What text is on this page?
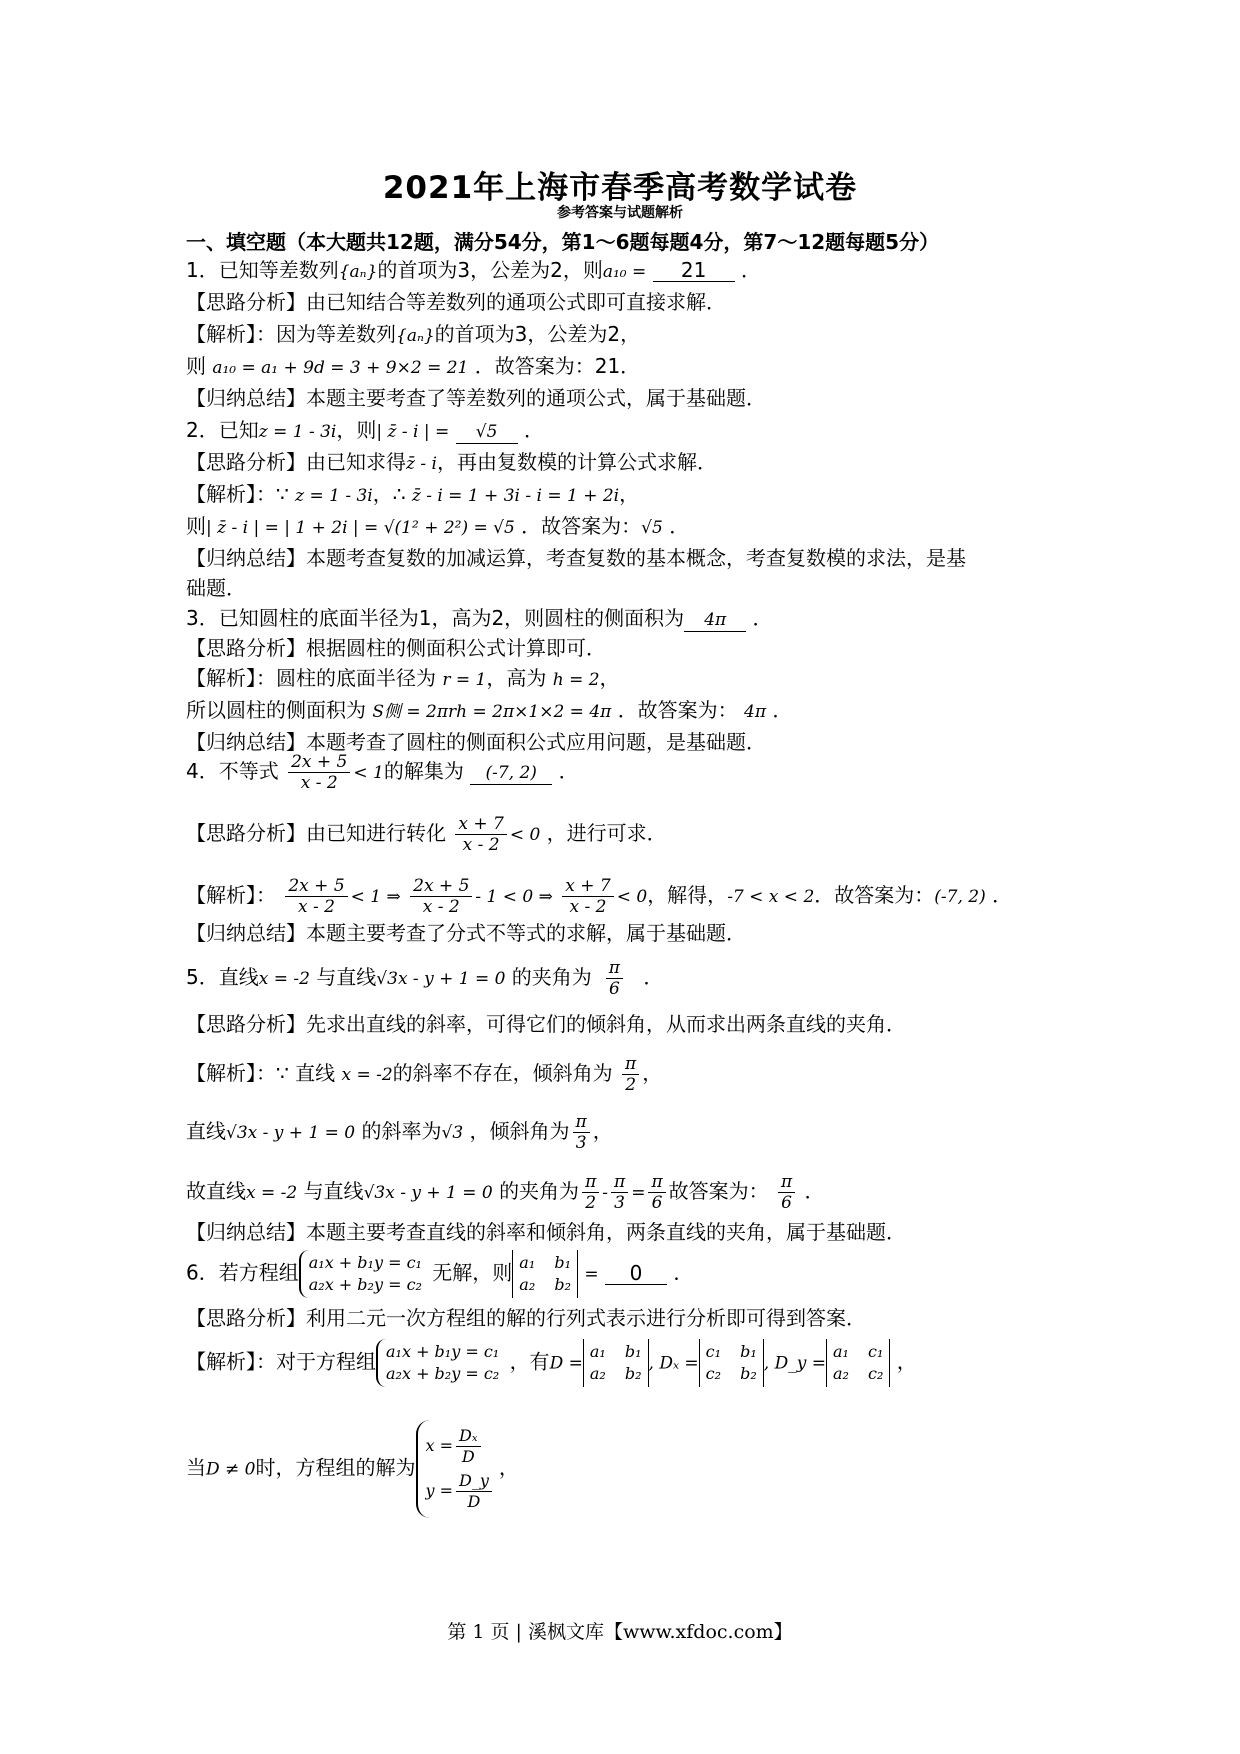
2021年上海市春季高考数学试卷
参考答案与试题解析
一、填空题（本大题共12题，满分54分，第1～6题每题4分，第7～12题每题5分）
1．已知等差数列{aₙ}的首项为3，公差为2，则a₁₀ = 21 ．
【思路分析】由已知结合等差数列的通项公式即可直接求解．
【解析】：因为等差数列{aₙ}的首项为3，公差为2，
则 a₁₀ = a₁ + 9d = 3 + 9×2 = 21 ．故答案为：21．
【归纳总结】本题主要考查了等差数列的通项公式，属于基础题．
2．已知z = 1 - 3i，则| z̄ - i | = √5 ．
【思路分析】由已知求得z̄ - i，再由复数模的计算公式求解．
【解析】：∵ z = 1 - 3i，∴ z̄ - i = 1 + 3i - i = 1 + 2i，
则| z̄ - i | = | 1 + 2i | = √(1² + 2²) = √5 ．故答案为：√5 ．
【归纳总结】本题考查复数的加减运算，考查复数的基本概念，考查复数模的求法，是基
础题．
3．已知圆柱的底面半径为1，高为2，则圆柱的侧面积为 4π ．
【思路分析】根据圆柱的侧面积公式计算即可．
【解析】：圆柱的底面半径为 r = 1，高为 h = 2，
所以圆柱的侧面积为 S侧 = 2πrh = 2π×1×2 = 4π ．故答案为： 4π ．
【归纳总结】本题考查了圆柱的侧面积公式应用问题，是基础题．
4．不等式 $\frac{2x + 5}{x - 2} < 1$的解集为 (-7, 2) ．
【思路分析】由已知进行转化 $\frac{x + 7}{x - 2} < 0$ ，进行可求．
【解析】： $\frac{2x + 5}{x - 2} < 1$ ⇒ $\frac{2x + 5}{x - 2} - 1 < 0$ ⇒ $\frac{x + 7}{x - 2} < 0$，解得，-7 < x < 2．故答案为：(-7, 2) ．
【归纳总结】本题主要考查了分式不等式的求解，属于基础题．
5．直线x = -2 与直线√3x - y + 1 = 0 的夹角为 $\frac{\pi}{6}$ ．
【思路分析】先求出直线的斜率，可得它们的倾斜角，从而求出两条直线的夹角．
【解析】：∵ 直线 x = -2的斜率不存在，倾斜角为 $\frac{\pi}{2}$ ，
直线√3x - y + 1 = 0 的斜率为√3 ，倾斜角为 $\frac{\pi}{3}$ ，
故直线x = -2 与直线√3x - y + 1 = 0 的夹角为 $\frac{\pi}{2} - \frac{\pi}{3} = \frac{\pi}{6}$ 故答案为： $\frac{\pi}{6}$ ．
【归纳总结】本题主要考查直线的斜率和倾斜角，两条直线的夹角，属于基础题．
6．若方程组 a₁x + b₁y = c₁
a₂x + b₂y = c₂ 无解，则 a₁ b₁
a₂ b₂ = 0 ．
【思路分析】利用二元一次方程组的解的行列式表示进行分析即可得到答案．
【解析】：对于方程组 a₁x + b₁y = c₁
a₂x + b₂y = c₂ ，有D =
a₁ b₁
a₂ b₂ , Dₓ =
c₁ b₁
c₂ b₂ , D_y =
a₁ c₁
a₂ c₂ ，
当D ≠ 0时，方程组的解为
$x = \frac{\text{Dₓ}}{D}$
$y = \frac{D\_y}{D}$
，
第 1 页 | 溪枫文库【www.xfdoc.com】
